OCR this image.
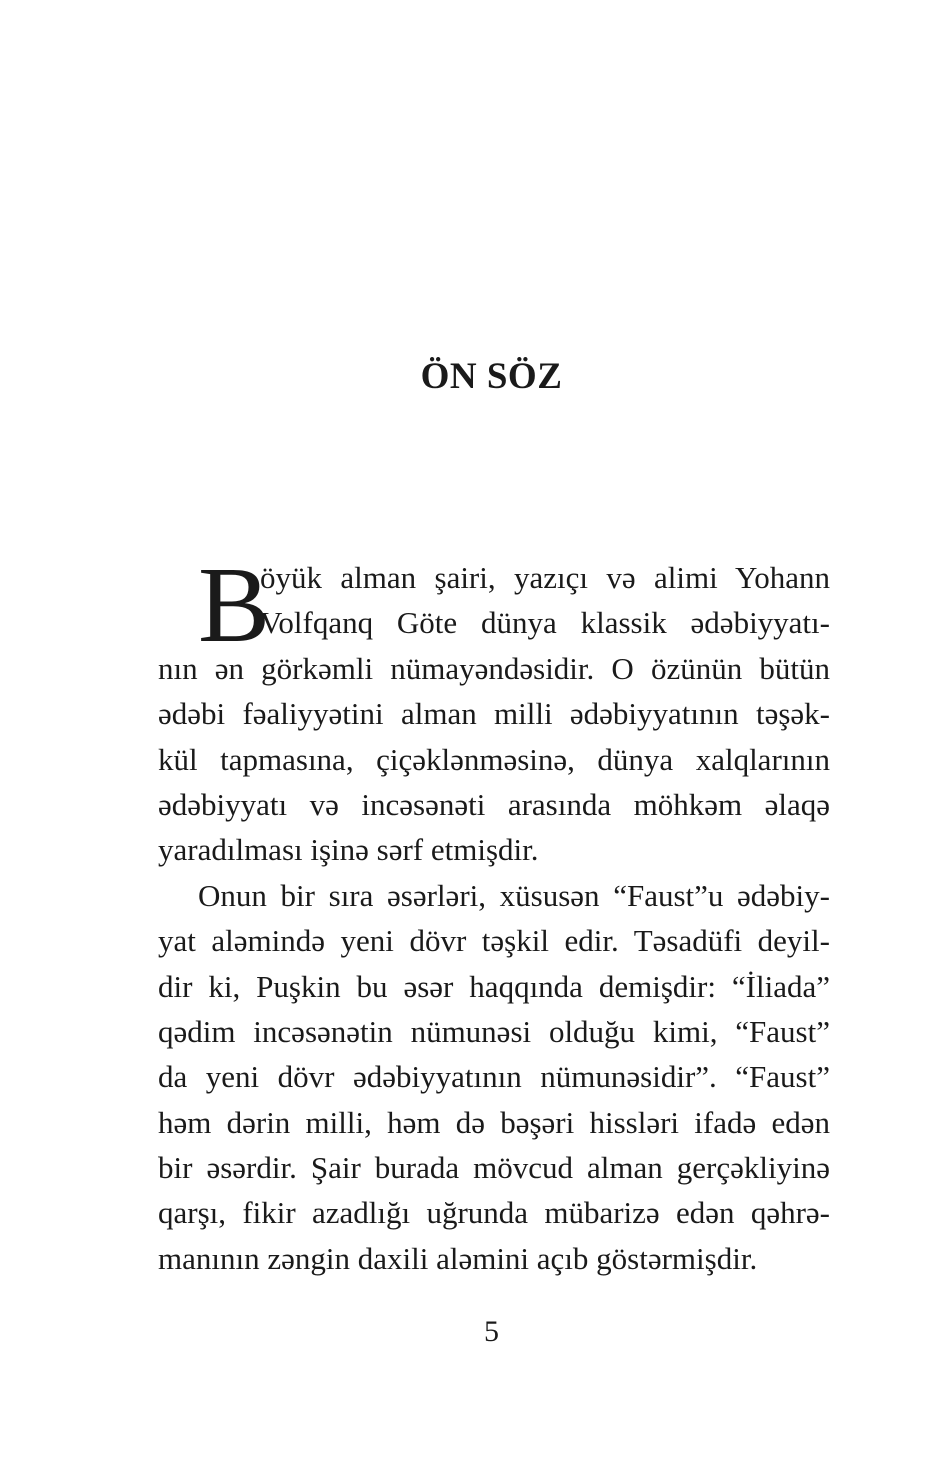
ÖN SÖZ
B
öyük alman şairi, yazıçı və alimi Yohann
Volfqanq Göte dünya klassik ədəbiyyatı-
nın ən görkəmli nümayəndəsidir. O özünün bütün
ədəbi fəaliyyətini alman milli ədəbiyyatının təşək-
kül tapmasına, çiçəklənməsinə, dünya xalqlarının
ədəbiyyatı və incəsənəti arasında möhkəm əlaqə
yaradılması işinə sərf etmişdir.
Onun bir sıra əsərləri, xüsusən “Faust”u ədəbiy-
yat aləmində yeni dövr təşkil edir. Təsadüfi deyil-
dir ki, Puşkin bu əsər haqqında demişdir: “İliada”
qədim incəsənətin nümunəsi olduğu kimi, “Faust”
da yeni dövr ədəbiyyatının nümunəsidir”. “Faust”
həm dərin milli, həm də bəşəri hissləri ifadə edən
bir əsərdir. Şair burada mövcud alman gerçəkliyinə
qarşı, fikir azadlığı uğrunda mübarizə edən qəhrə-
manının zəngin daxili aləmini açıb göstərmişdir.
5
